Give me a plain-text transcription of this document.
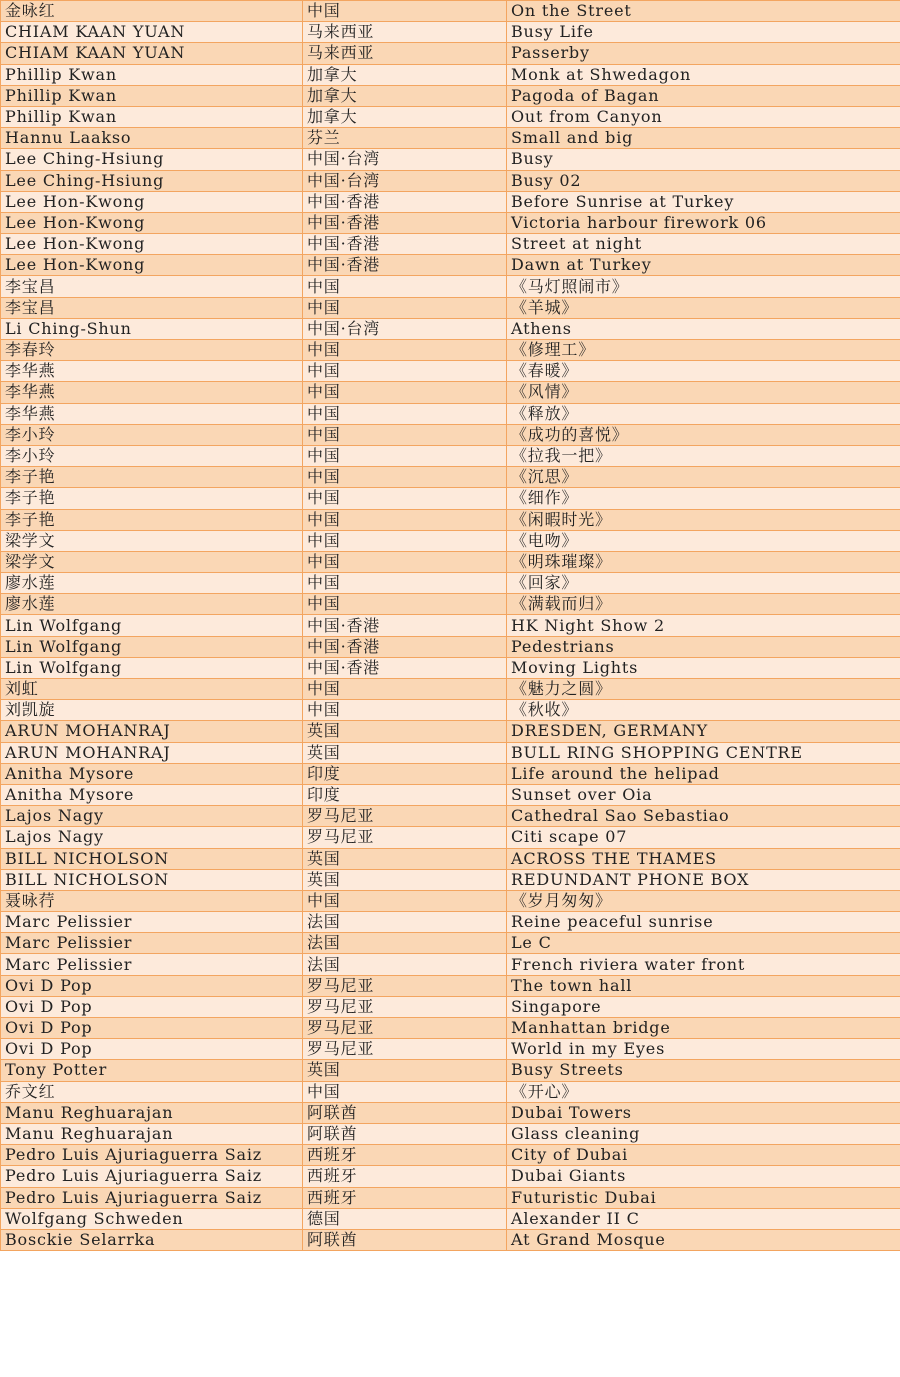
金咏红	中国	On the Street
CHIAM KAAN YUAN	马来西亚	Busy Life
CHIAM KAAN YUAN	马来西亚	Passerby
Phillip Kwan	加拿大	Monk at Shwedagon
Phillip Kwan	加拿大	Pagoda of Bagan
Phillip Kwan	加拿大	Out from Canyon
Hannu Laakso	芬兰	Small and big
Lee Ching-Hsiung	中国·台湾	Busy
Lee Ching-Hsiung	中国·台湾	Busy 02
Lee Hon-Kwong	中国·香港	Before Sunrise at Turkey
Lee Hon-Kwong	中国·香港	Victoria harbour firework 06
Lee Hon-Kwong	中国·香港	Street at night
Lee Hon-Kwong	中国·香港	Dawn at Turkey
李宝昌	中国	《马灯照闹市》
李宝昌	中国	《羊城》
Li Ching-Shun	中国·台湾	Athens
李春玲	中国	《修理工》
李华燕	中国	《春暖》
李华燕	中国	《风情》
李华燕	中国	《释放》
李小玲	中国	《成功的喜悦》
李小玲	中国	《拉我一把》
李子艳	中国	《沉思》
李子艳	中国	《细作》
李子艳	中国	《闲暇时光》
梁学文	中国	《电吻》
梁学文	中国	《明珠璀璨》
廖水莲	中国	《回家》
廖水莲	中国	《满载而归》
Lin Wolfgang	中国·香港	HK Night Show 2
Lin Wolfgang	中国·香港	Pedestrians
Lin Wolfgang	中国·香港	Moving Lights
刘虹	中国	《魅力之圆》
刘凯旋	中国	《秋收》
ARUN MOHANRAJ	英国	DRESDEN, GERMANY
ARUN MOHANRAJ	英国	BULL RING SHOPPING CENTRE
Anitha Mysore	印度	Life around the helipad
Anitha Mysore	印度	Sunset over Oia
Lajos Nagy	罗马尼亚	Cathedral Sao Sebastiao
Lajos Nagy	罗马尼亚	Citi scape 07
BILL NICHOLSON	英国	ACROSS THE THAMES
BILL NICHOLSON	英国	REDUNDANT PHONE BOX
聂咏荇	中国	《岁月匆匆》
Marc Pelissier	法国	Reine peaceful sunrise
Marc Pelissier	法国	Le C
Marc Pelissier	法国	French riviera water front
Ovi D Pop	罗马尼亚	The town hall
Ovi D Pop	罗马尼亚	Singapore
Ovi D Pop	罗马尼亚	Manhattan bridge
Ovi D Pop	罗马尼亚	World in my Eyes
Tony Potter	英国	Busy Streets
乔文红	中国	《开心》
Manu Reghuarajan	阿联酋	Dubai Towers
Manu Reghuarajan	阿联酋	Glass cleaning
Pedro Luis Ajuriaguerra Saiz	西班牙	City of Dubai
Pedro Luis Ajuriaguerra Saiz	西班牙	Dubai Giants
Pedro Luis Ajuriaguerra Saiz	西班牙	Futuristic Dubai
Wolfgang Schweden	德国	Alexander II C
Bosckie Selarrka	阿联酋	At Grand Mosque
